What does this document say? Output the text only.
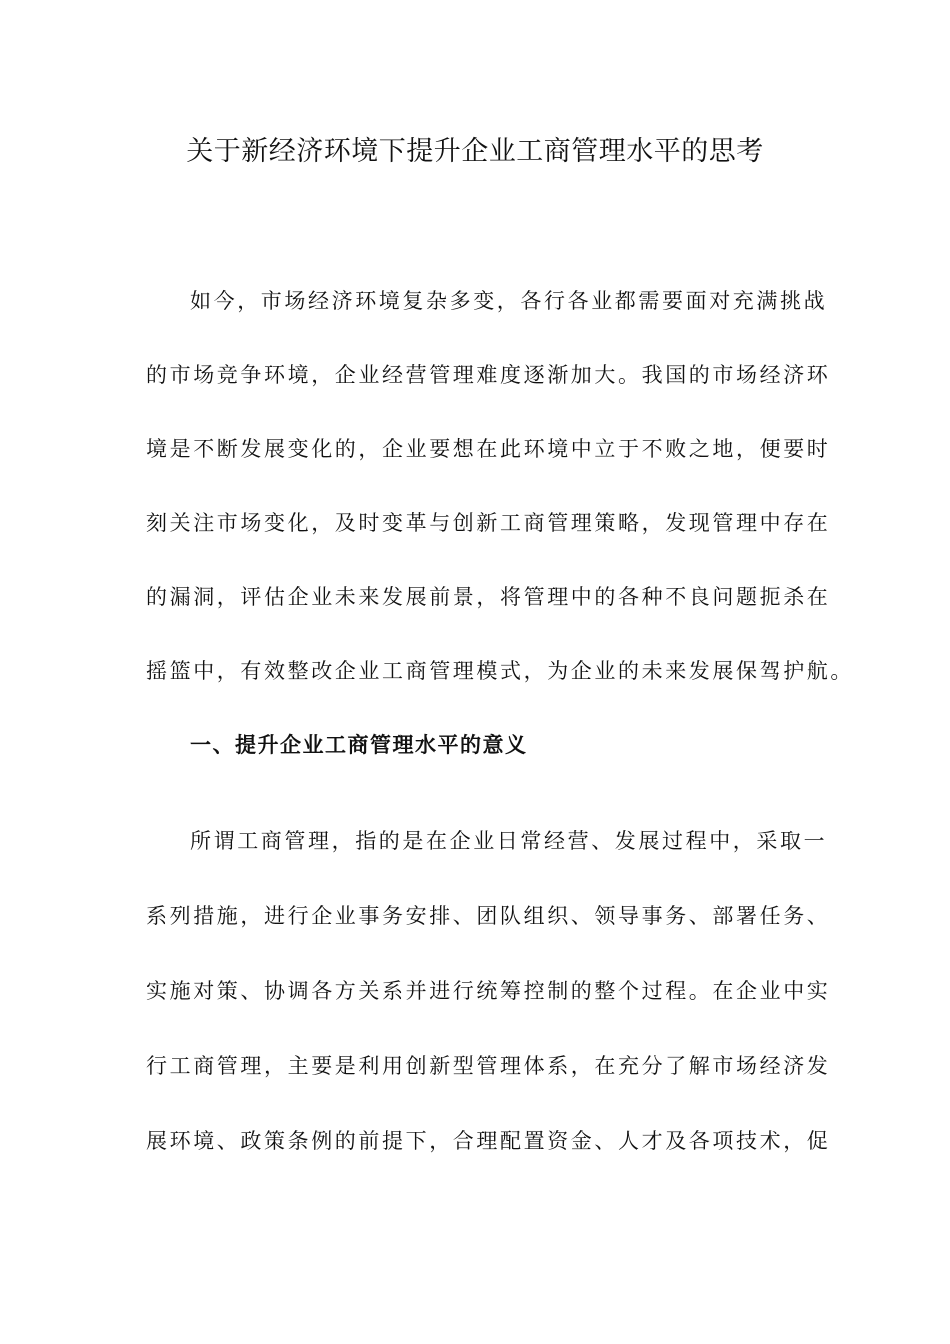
关于新经济环境下提升企业工商管理水平的思考
如今，市场经济环境复杂多变，各行各业都需要面对充满挑战
的市场竞争环境，企业经营管理难度逐渐加大。我国的市场经济环
境是不断发展变化的，企业要想在此环境中立于不败之地，便要时
刻关注市场变化，及时变革与创新工商管理策略，发现管理中存在
的漏洞，评估企业未来发展前景，将管理中的各种不良问题扼杀在
摇篮中，有效整改企业工商管理模式，为企业的未来发展保驾护航。
一、提升企业工商管理水平的意义
所谓工商管理，指的是在企业日常经营、发展过程中，采取一
系列措施，进行企业事务安排、团队组织、领导事务、部署任务、
实施对策、协调各方关系并进行统筹控制的整个过程。在企业中实
行工商管理，主要是利用创新型管理体系，在充分了解市场经济发
展环境、政策条例的前提下，合理配置资金、人才及各项技术，促
